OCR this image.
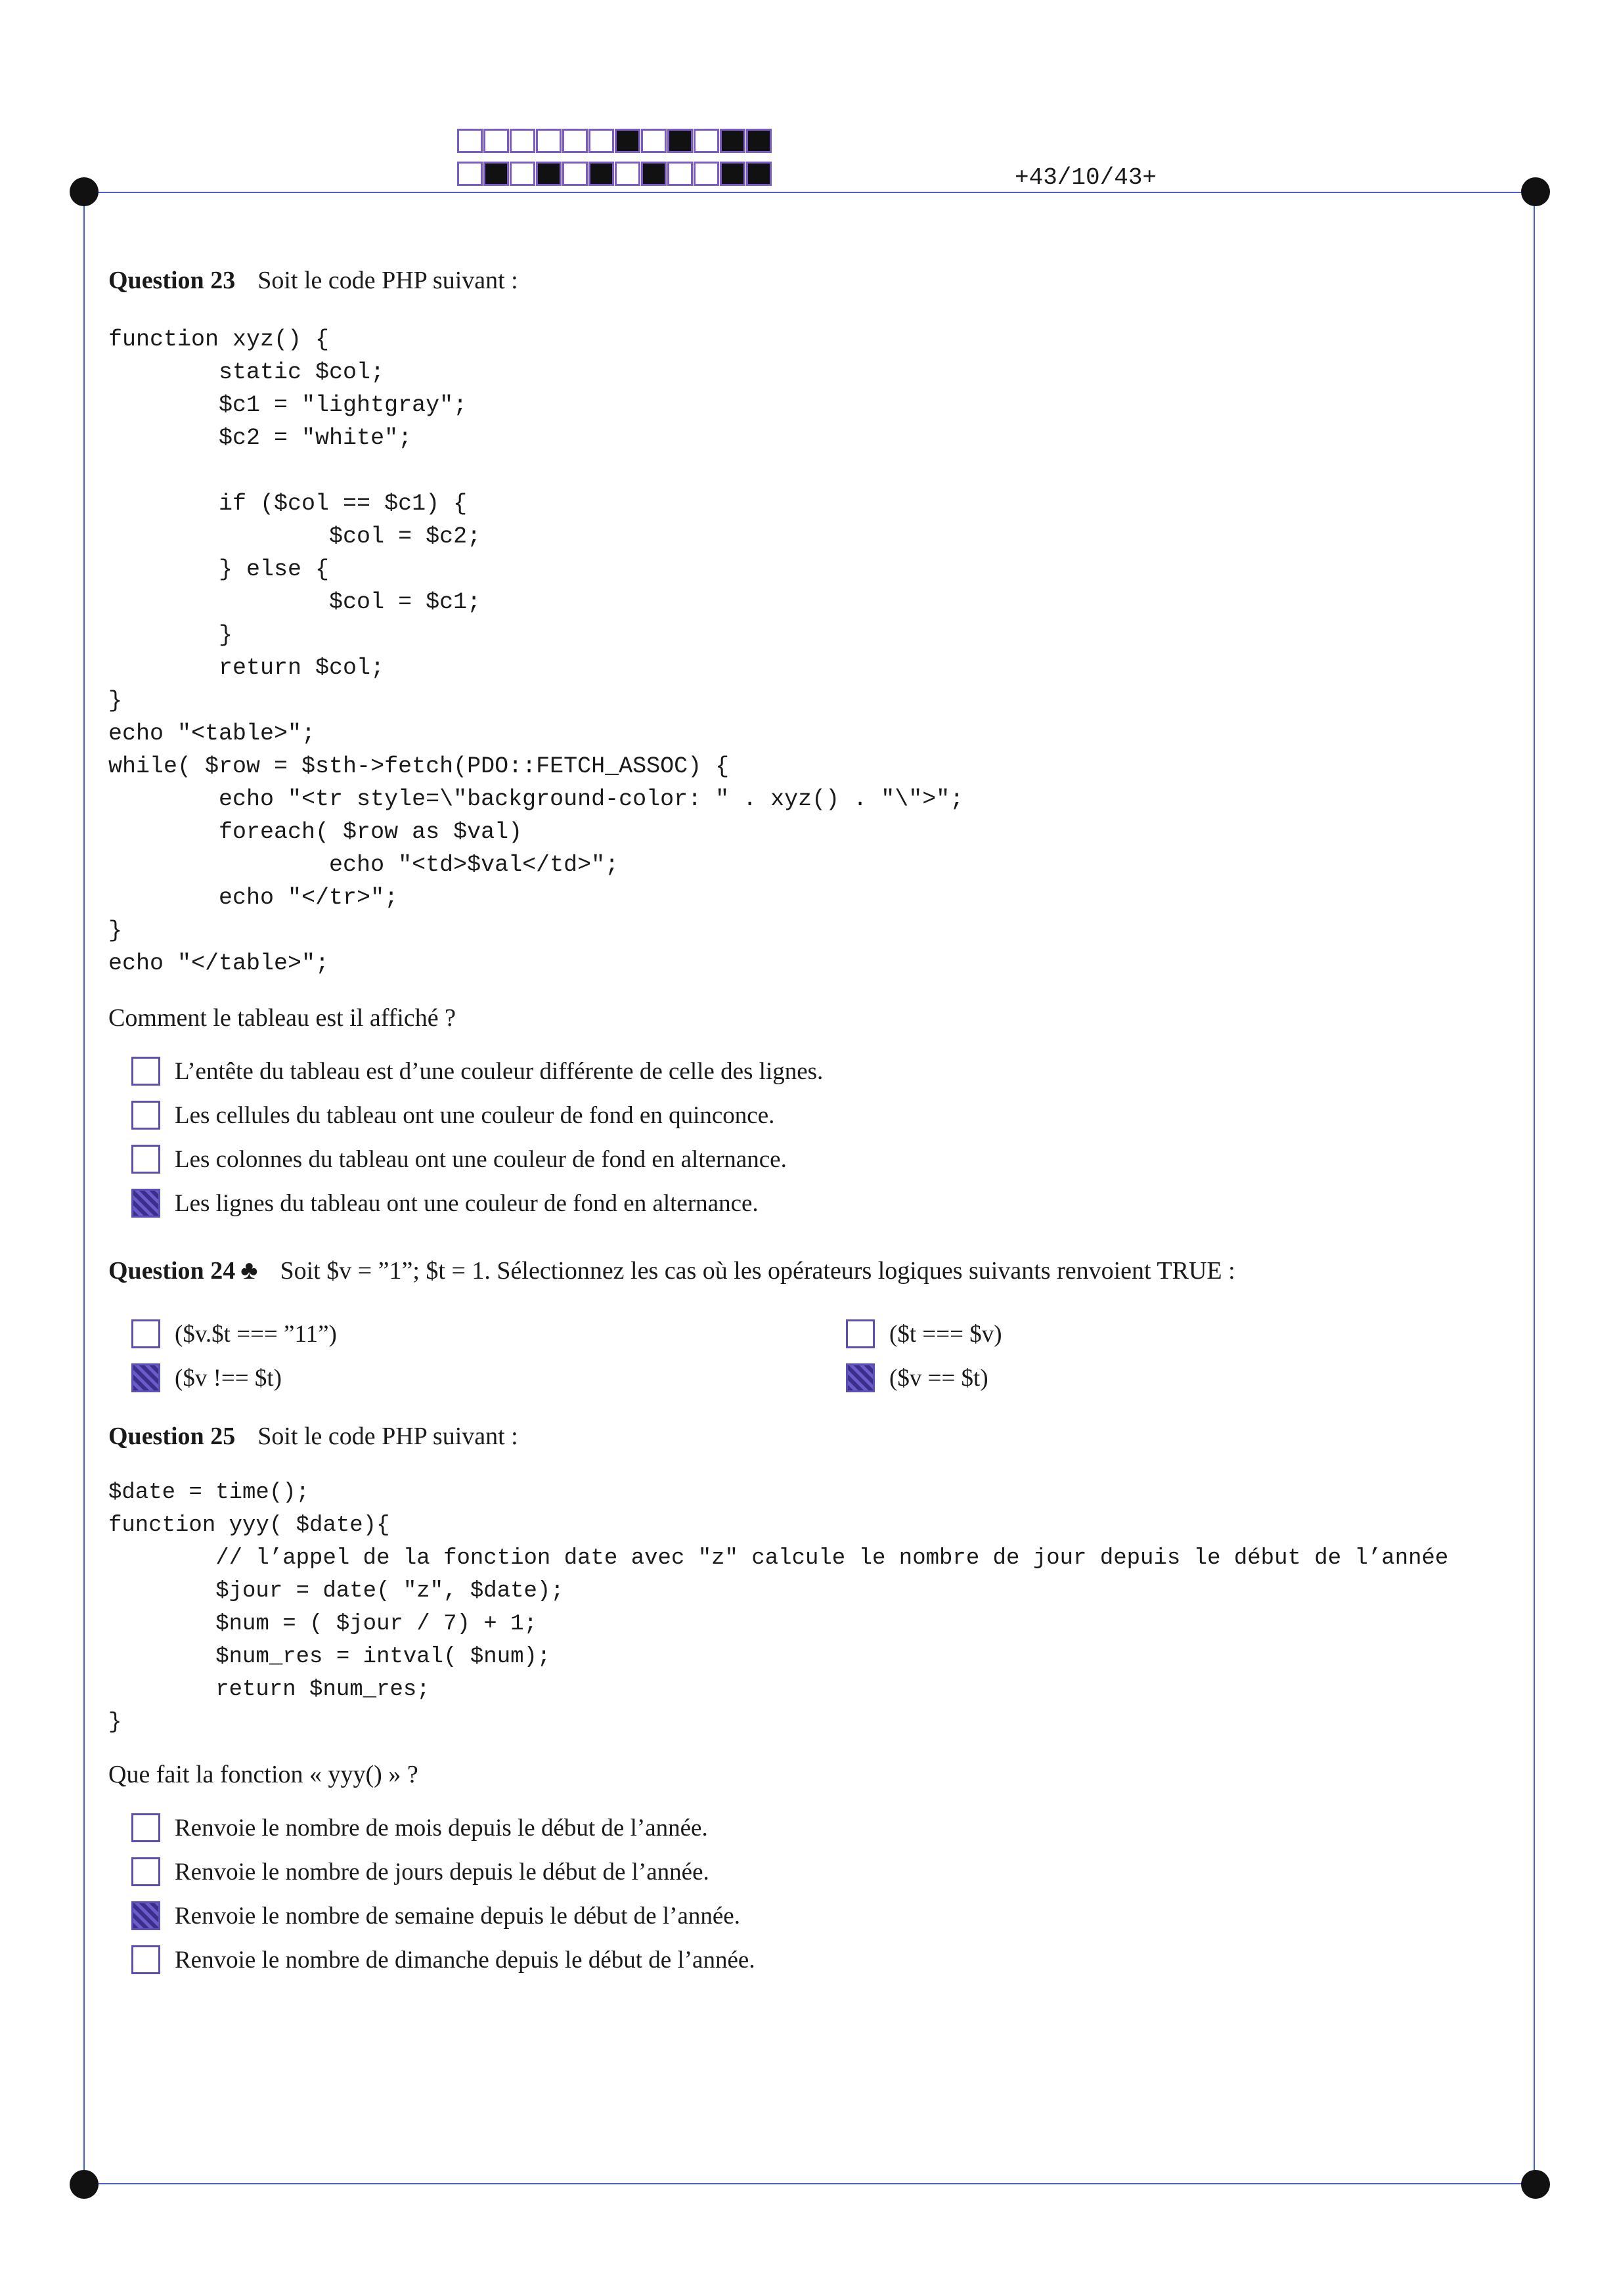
+43/10/43+
Question 23 Soit le code PHP suivant :
function xyz() {
static $col;
$c1 = "lightgray";
$c2 = "white";

if ($col == $c1) {
$col = $c2;
} else {
$col = $c1;
}
return $col;
}
echo "<table>";
while( $row = $sth->fetch(PDO::FETCH_ASSOC) {
echo "<tr style=\"background-color: " . xyz() . "\">";
foreach( $row as $val)
echo "<td>$val</td>";
echo "</tr>";
}
echo "</table>";
Comment le tableau est il affiché ?
L’entête du tableau est d’une couleur différente de celle des lignes.
Les cellules du tableau ont une couleur de fond en quinconce.
Les colonnes du tableau ont une couleur de fond en alternance.
Les lignes du tableau ont une couleur de fond en alternance.
Question 24 ♣ Soit $v = ”1”; $t = 1. Sélectionnez les cas où les opérateurs logiques suivants renvoient TRUE :
($v.$t === ”11”)	($t === $v)
($v !== $t)	($v == $t)
Question 25 Soit le code PHP suivant :
$date = time();
function yyy( $date){
// l’appel de la fonction date avec "z" calcule le nombre de jour depuis le début de l’année
$jour = date( "z", $date);
$num = ( $jour / 7) + 1;
$num_res = intval( $num);
return $num_res;
}
Que fait la fonction « yyy() » ?
Renvoie le nombre de mois depuis le début de l’année.
Renvoie le nombre de jours depuis le début de l’année.
Renvoie le nombre de semaine depuis le début de l’année.
Renvoie le nombre de dimanche depuis le début de l’année.
